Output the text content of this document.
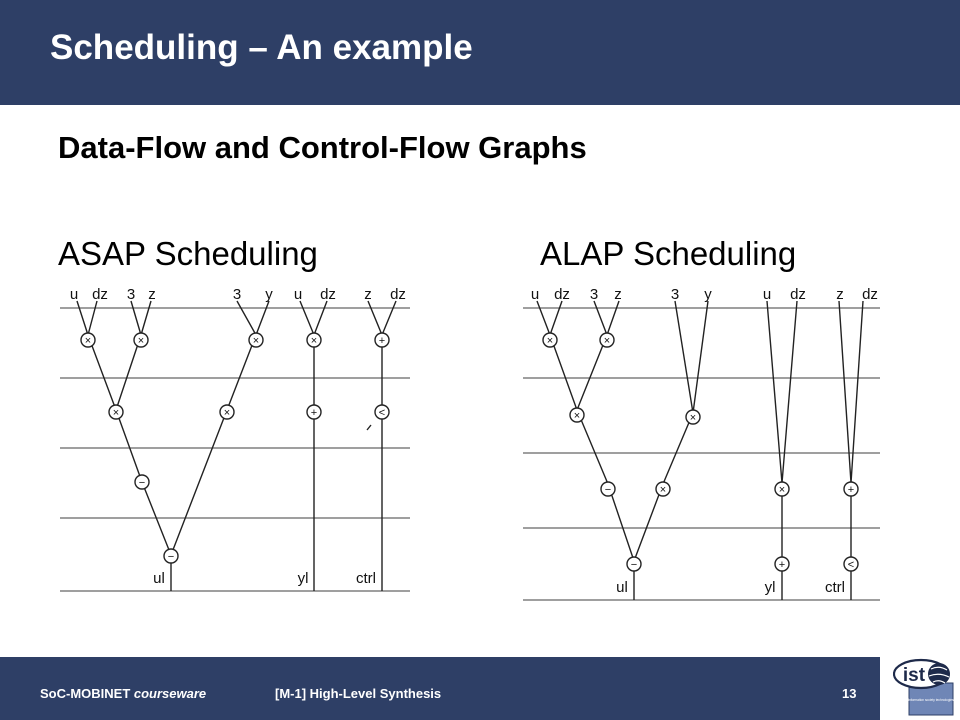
Scheduling – An example
Data-Flow and Control-Flow Graphs
ASAP Scheduling	ALAP Scheduling
×	×	×	×	+
×	×	+	<
−
−
u dz 3 z	3 y u dz z dz
ul	yl	ctrl
×	×
×	×
−	×	×	+
−	+	<
u dz 3 z	3 y	u dz z dz
ul	yl	ctrl
SoC-MOBINET courseware	[M-1] High-Level Synthesis	13	information society technologies
ist
